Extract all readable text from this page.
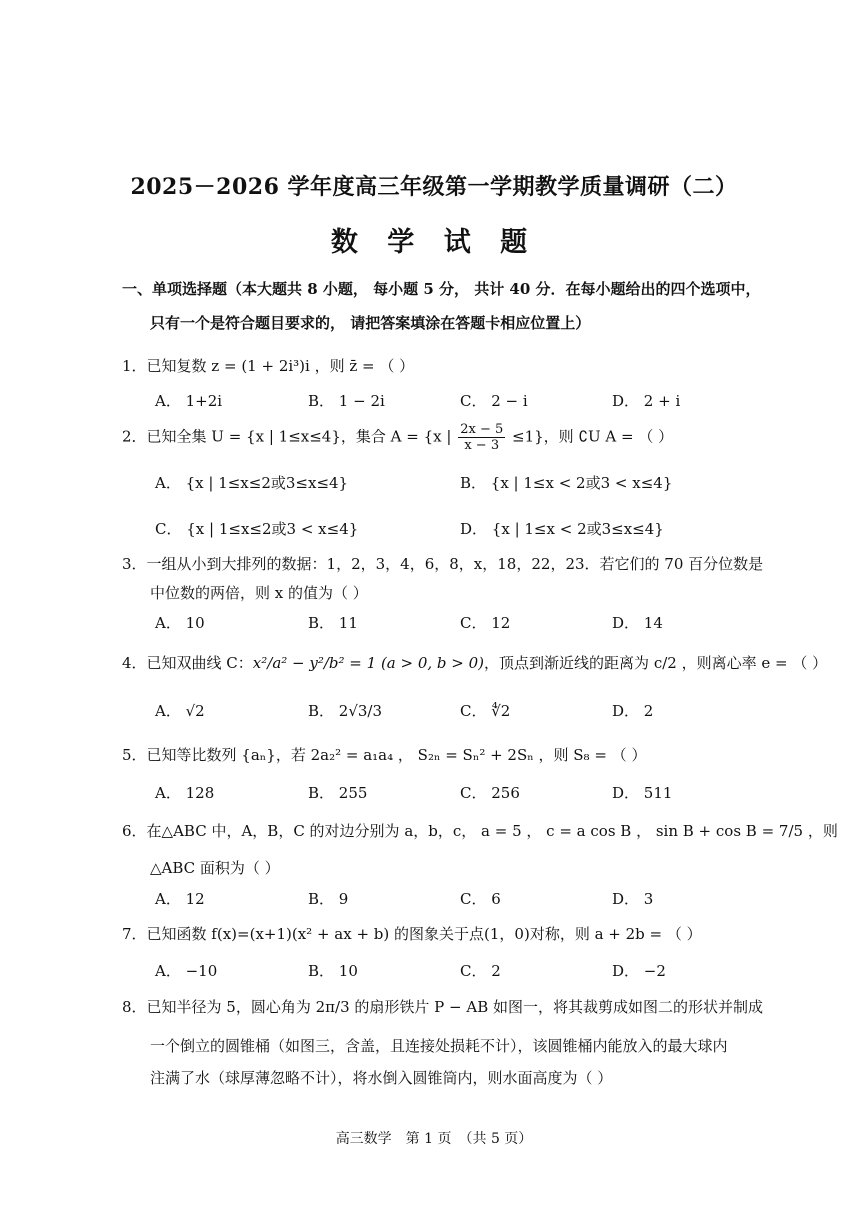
2025－2026 学年度高三年级第一学期教学质量调研（二）
数 学 试 题
一、单项选择题（本大题共 8 小题， 每小题 5 分， 共计 40 分．在每小题给出的四个选项中，
只有一个是符合题目要求的， 请把答案填涂在答题卡相应位置上）
1．已知复数 z = (1 + 2i³)i ，则 z̄ = （ ）
A． 1+2i	B． 1 − 2i	C． 2 − i	D． 2 + i
2．已知全集 U = {x | 1≤x≤4}，集合 A = {x | $\frac{2x - 5}{x - 3} \le 1$}，则 ∁U A = （ ）
A． {x | 1≤x≤2或3≤x≤4}	B． {x | 1≤x < 2或3 < x≤4}
C． {x | 1≤x≤2或3 < x≤4}	D． {x | 1≤x < 2或3≤x≤4}
3．一组从小到大排列的数据：1，2，3，4，6，8，x，18，22，23．若它们的 70 百分位数是
中位数的两倍，则 x 的值为（ ）
A． 10	B． 11	C． 12	D． 14
4．已知双曲线 C：x²/a² − y²/b² = 1 (a > 0, b > 0)，顶点到渐近线的距离为 c/2 ，则离心率 e = （ ）
A． √2	B． 2√3/3	C． ∜2	D． 2
5．已知等比数列 {aₙ}，若 2a₂² = a₁a₄ ， S₂ₙ = Sₙ² + 2Sₙ ，则 S₈ = （ ）
A． 128	B． 255	C． 256	D． 511
6．在△ABC 中，A，B，C 的对边分别为 a，b，c， a = 5 ， c = a cos B ， sin B + cos B = 7/5 ，则
△ABC 面积为（ ）
A． 12	B． 9	C． 6	D． 3
7．已知函数 f(x)=(x+1)(x² + ax + b) 的图象关于点(1，0)对称，则 a + 2b = （ ）
A． −10	B． 10	C． 2	D． −2
8．已知半径为 5，圆心角为 2π/3 的扇形铁片 P − AB 如图一，将其裁剪成如图二的形状并制成
一个倒立的圆锥桶（如图三，含盖，且连接处损耗不计），该圆锥桶内能放入的最大球内
注满了水（球厚薄忽略不计），将水倒入圆锥筒内，则水面高度为（ ）
高三数学　第 1 页　（共 5 页）
